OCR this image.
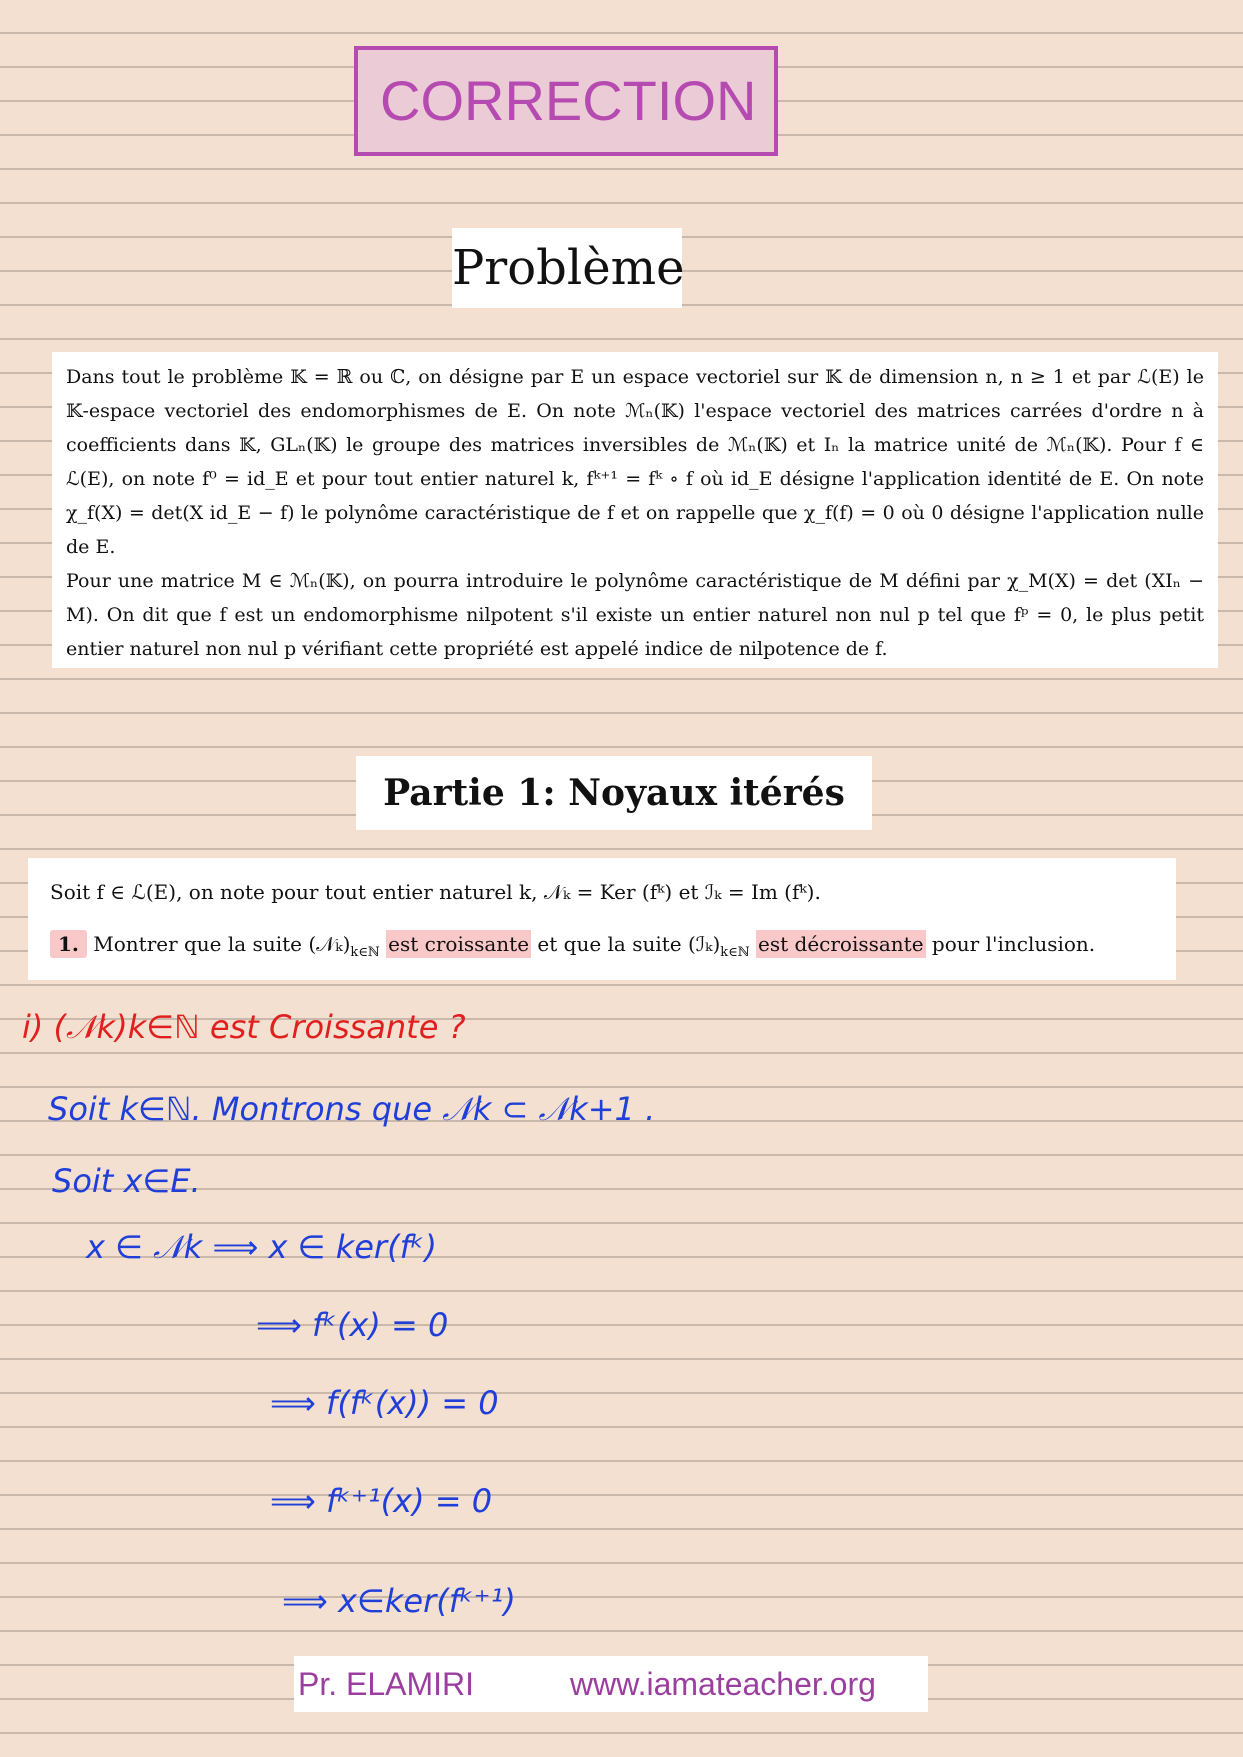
CORRECTION
Problème

Dans tout le problème 𝕂 = ℝ ou ℂ, on désigne par E un espace vectoriel sur 𝕂 de dimension n, n ≥ 1 et par ℒ(E) le 𝕂-espace vectoriel des endomorphismes de E. On note ℳₙ(𝕂) l'espace vectoriel des matrices carrées d'ordre n à coefficients dans 𝕂, GLₙ(𝕂) le groupe des matrices inversibles de ℳₙ(𝕂) et Iₙ la matrice unité de ℳₙ(𝕂). Pour f ∈ ℒ(E), on note f⁰ = id_E et pour tout entier naturel k, fᵏ⁺¹ = fᵏ ∘ f où id_E désigne l'application identité de E. On note χ_f(X) = det(X id_E − f) le polynôme caractéristique de f et on rappelle que χ_f(f) = 0 où 0 désigne l'application nulle de E.

Pour une matrice M ∈ ℳₙ(𝕂), on pourra introduire le polynôme caractéristique de M défini par χ_M(X) = det (XIₙ − M). On dit que f est un endomorphisme nilpotent s'il existe un entier naturel non nul p tel que fᵖ = 0, le plus petit entier naturel non nul p vérifiant cette propriété est appelé indice de nilpotence de f.

Partie 1: Noyaux itérés
Soit f ∈ ℒ(E), on note pour tout entier naturel k, 𝒩ₖ = Ker (fᵏ) et ℐₖ = Im (fᵏ).
1. Montrer que la suite $(𝒩_k)_{k\in ℕ}$ est croissante et que la suite $(ℐ_k)_{k\in ℕ}$ est décroissante pour l'inclusion.
i) (𝒩k)k∈ℕ est Croissante ?
Soit k∈ℕ. Montrons que 𝒩k ⊂ 𝒩k+1 .
Soit x∈E.
x ∈ 𝒩k ⟹ x ∈ ker(fᵏ)
⟹ fᵏ(x) = 0
⟹ f(fᵏ(x)) = 0
⟹ fᵏ⁺¹(x) = 0
⟹ x∈ker(fᵏ⁺¹)
Pr. ELAMIRI	www.iamateacher.org
